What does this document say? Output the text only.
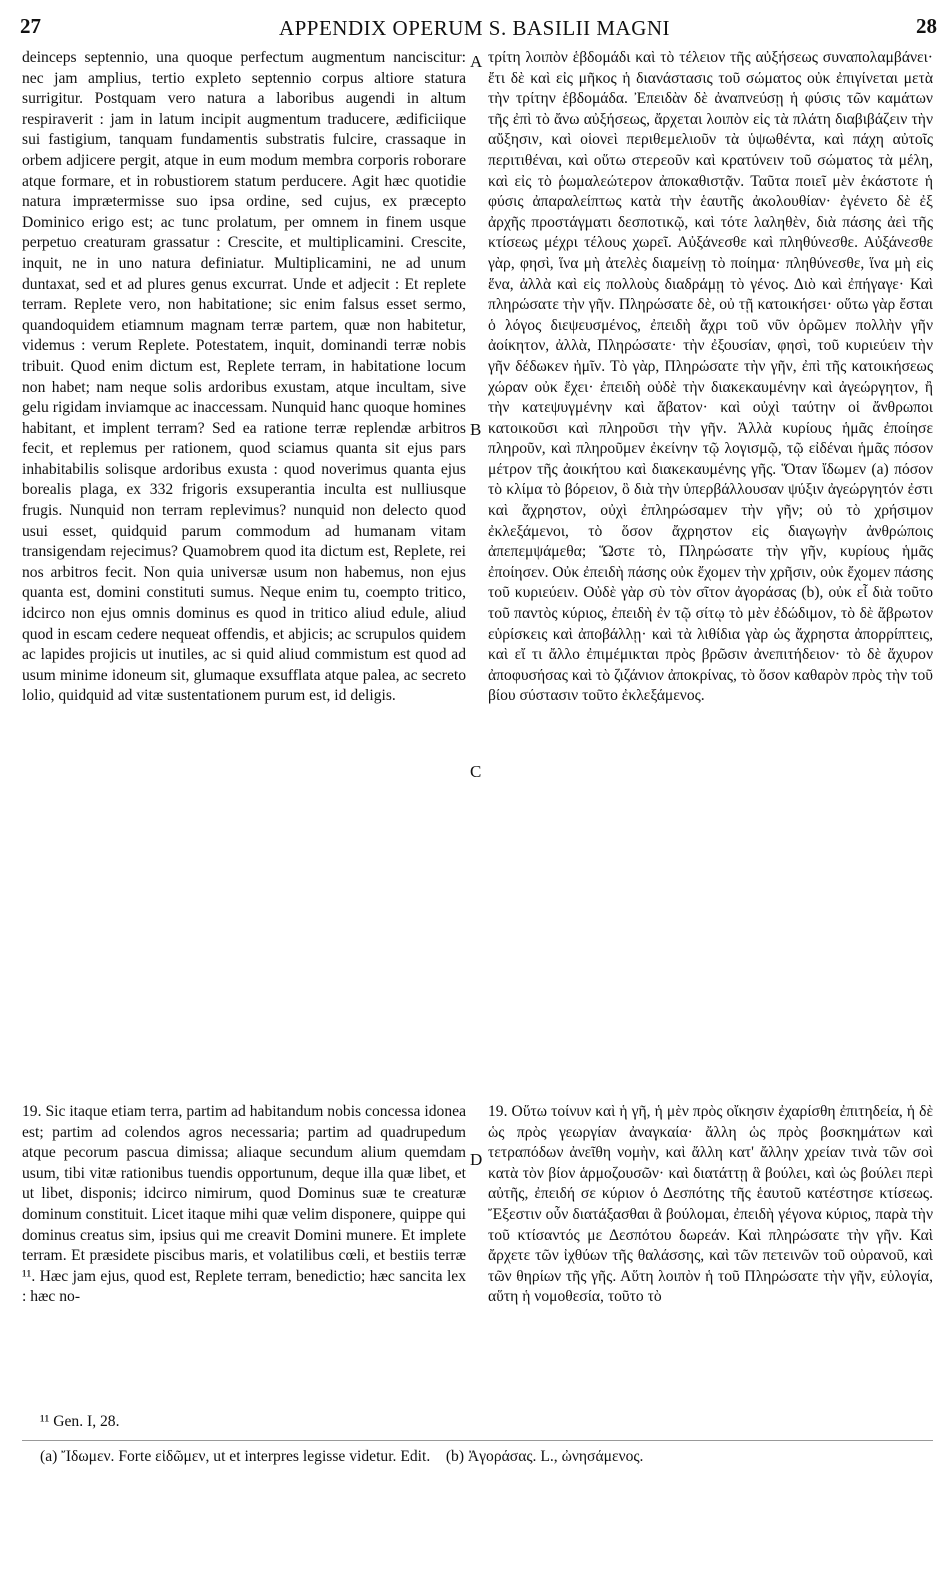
27	APPENDIX OPERUM S. BASILII MAGNI	28

deinceps septennio, una quoque perfectum augmentum nanciscitur: nec jam amplius, tertio expleto septennio corpus altiore statura surrigitur. Postquam vero natura a laboribus augendi in altum respiraverit : jam in latum incipit augmentum traducere, ædificiique sui fastigium, tanquam fundamentis substratis fulcire, crassaque in orbem adjicere pergit, atque in eum modum membra corporis roborare atque formare, et in robustiorem statum perducere. Agit hæc quotidie natura imprætermisse suo ipsa ordine, sed cujus, ex præcepto Dominico erigo est; ac tunc prolatum, per omnem in finem usque perpetuo creaturam grassatur : Crescite, et multiplicamini. Crescite, inquit, ne in uno natura definiatur. Multiplicamini, ne ad unum duntaxat, sed et ad plures genus excurrat. Unde et adjecit : Et replete terram. Replete vero, non habitatione; sic enim falsus esset sermo, quandoquidem etiamnum magnam terræ partem, quæ non habitetur, videmus : verum Replete. Potestatem, inquit, dominandi terræ nobis tribuit. Quod enim dictum est, Replete terram, in habitatione locum non habet; nam neque solis ardoribus exustam, atque incultam, sive gelu rigidam inviamque ac inaccessam. Nunquid hanc quoque homines habitant, et implent terram? Sed ea ratione terræ replendæ arbitros fecit, et replemus per rationem, quod sciamus quanta sit ejus pars inhabitabilis solisque ardoribus exusta : quod noverimus quanta ejus borealis plaga, ex 332 frigoris exsuperantia inculta est nulliusque frugis. Nunquid non terram replevimus? nunquid non delecto quod usui esset, quidquid parum commodum ad humanam vitam transigendam rejecimus? Quamobrem quod ita dictum est, Replete, rei nos arbitros fecit. Non quia universæ usum non habemus, non ejus quanta est, domini constituti sumus. Neque enim tu, coempto tritico, idcirco non ejus omnis dominus es quod in tritico aliud edule, aliud quod in escam cedere nequeat offendis, et abjicis; ac scrupulos quidem ac lapides projicis ut inutiles, ac si quid aliud commistum est quod ad usum minime idoneum sit, glumaque exsufflata atque palea, ac secreto lolio, quidquid ad vitæ sustentationem purum est, id deligis.

τρίτη λοιπὸν ἑβδομάδι καὶ τὸ τέλειον τῆς αὐξήσεως συναπολαμβάνει· ἔτι δὲ καὶ εἰς μῆκος ἡ διανάστασις τοῦ σώματος οὐκ ἐπιγίνεται μετὰ τὴν τρίτην ἑβδομάδα. Ἐπειδὰν δὲ ἀναπνεύσῃ ἡ φύσις τῶν καμάτων τῆς ἐπὶ τὸ ἄνω αὐξήσεως, ἄρχεται λοιπὸν εἰς τὰ πλάτη διαβιβάζειν τὴν αὔξησιν, καὶ οἱονεὶ περιθεμελιοῦν τὰ ὑψωθέντα, καὶ πάχη αὐτοῖς περιτιθέναι, καὶ οὕτω στερεοῦν καὶ κρατύνειν τοῦ σώματος τὰ μέλη, καὶ εἰς τὸ ῥωμαλεώτερον ἀποκαθιστᾷν. Ταῦτα ποιεῖ μὲν ἑκάστοτε ἡ φύσις ἀπαραλείπτως κατὰ τὴν ἑαυτῆς ἀκολουθίαν· ἐγένετο δὲ ἐξ ἀρχῆς προστάγματι δεσποτικῷ, καὶ τότε λαληθὲν, διὰ πάσης ἀεὶ τῆς κτίσεως μέχρι τέλους χωρεῖ. Αὐξάνεσθε καὶ πληθύνεσθε. Αὐξάνεσθε γὰρ, φησὶ, ἵνα μὴ ἀτελὲς διαμείνῃ τὸ ποίημα· πληθύνεσθε, ἵνα μὴ εἰς ἕνα, ἀλλὰ καὶ εἰς πολλοὺς διαδράμῃ τὸ γένος. Διὸ καὶ ἐπήγαγε· Καὶ πληρώσατε τὴν γῆν. Πληρώσατε δὲ, οὐ τῇ κατοικήσει· οὕτω γὰρ ἔσται ὁ λόγος διεψευσμένος, ἐπειδὴ ἄχρι τοῦ νῦν ὁρῶμεν πολλὴν γῆν ἀοίκητον, ἀλλὰ, Πληρώσατε· τὴν ἐξουσίαν, φησὶ, τοῦ κυριεύειν τὴν γῆν δέδωκεν ἡμῖν. Τὸ γὰρ, Πληρώσατε τὴν γῆν, ἐπὶ τῆς κατοικήσεως χώραν οὐκ ἔχει· ἐπειδὴ οὐδὲ τὴν διακεκαυμένην καὶ ἀγεώργητον, ἢ τὴν κατεψυγμένην καὶ ἄβατον· καὶ οὐχὶ ταύτην οἱ ἄνθρωποι κατοικοῦσι καὶ πληροῦσι τὴν γῆν. Ἀλλὰ κυρίους ἡμᾶς ἐποίησε πληροῦν, καὶ πληροῦμεν ἐκείνην τῷ λογισμῷ, τῷ εἰδέναι ἡμᾶς πόσον μέτρον τῆς ἀοικήτου καὶ διακεκαυμένης γῆς. Ὅταν ἴδωμεν (a) πόσον τὸ κλίμα τὸ βόρειον, ὃ διὰ τὴν ὑπερβάλλουσαν ψύξιν ἀγεώργητόν ἐστι καὶ ἄχρηστον, οὐχὶ ἐπληρώσαμεν τὴν γῆν; οὐ τὸ χρήσιμον ἐκλεξάμενοι, τὸ ὅσον ἄχρηστον εἰς διαγωγὴν ἀνθρώποις ἀπεπεμψάμεθα; Ὥστε τὸ, Πληρώσατε τὴν γῆν, κυρίους ἡμᾶς ἐποίησεν. Οὐκ ἐπειδὴ πάσης οὐκ ἔχομεν τὴν χρῆσιν, οὐκ ἔχομεν πάσης τοῦ κυριεύειν. Οὐδὲ γὰρ σὺ τὸν σῖτον ἀγοράσας (b), οὐκ εἶ διὰ τοῦτο τοῦ παντὸς κύριος, ἐπειδὴ ἐν τῷ σίτῳ τὸ μὲν ἐδώδιμον, τὸ δὲ ἄβρωτον εὑρίσκεις καὶ ἀποβάλλῃ· καὶ τὰ λιθίδια γὰρ ὡς ἄχρηστα ἀπορρίπτεις, καὶ εἴ τι ἄλλο ἐπιμέμικται πρὸς βρῶσιν ἀνεπιτήδειον· τὸ δὲ ἄχυρον ἀποφυσήσας καὶ τὸ ζιζάνιον ἀποκρίνας, τὸ ὅσον καθαρὸν πρὸς τὴν τοῦ βίου σύστασιν τοῦτο ἐκλεξάμενος.

A
B
C
D

19. Sic itaque etiam terra, partim ad habitandum nobis concessa idonea est; partim ad colendos agros necessaria; partim ad quadrupedum atque pecorum pascua dimissa; aliaque secundum alium quemdam usum, tibi vitæ rationibus tuendis opportunum, deque illa quæ libet, et ut libet, disponis; idcirco nimirum, quod Dominus suæ te creaturæ dominum constituit. Licet itaque mihi quæ velim disponere, quippe qui dominus creatus sim, ipsius qui me creavit Domini munere. Et implete terram. Et præsidete piscibus maris, et volatilibus cœli, et bestiis terræ ¹¹. Hæc jam ejus, quod est, Replete terram, benedictio; hæc sancita lex : hæc no-

19. Οὕτω τοίνυν καὶ ἡ γῆ, ἡ μὲν πρὸς οἴκησιν ἐχαρίσθη ἐπιτηδεία, ἡ δὲ ὡς πρὸς γεωργίαν ἀναγκαία· ἄλλη ὡς πρὸς βοσκημάτων καὶ τετραπόδων ἀνεῖθη νομὴν, καὶ ἄλλη κατ' ἄλλην χρείαν τινὰ τῶν σοὶ κατὰ τὸν βίον ἁρμοζουσῶν· καὶ διατάττῃ ἃ βούλει, καὶ ὡς βούλει περὶ αὐτῆς, ἐπειδή σε κύριον ὁ Δεσπότης τῆς ἑαυτοῦ κατέστησε κτίσεως. Ἔξεστιν οὖν διατάξασθαι ἃ βούλομαι, ἐπειδὴ γέγονα κύριος, παρὰ τὴν τοῦ κτίσαντός με Δεσπότου δωρεάν. Καὶ πληρώσατε τὴν γῆν. Καὶ ἄρχετε τῶν ἰχθύων τῆς θαλάσσης, καὶ τῶν πετεινῶν τοῦ οὐρανοῦ, καὶ τῶν θηρίων τῆς γῆς. Αὕτη λοιπὸν ἡ τοῦ Πληρώσατε τὴν γῆν, εὐλογία, αὕτη ἡ νομοθεσία, τοῦτο τὸ

¹¹ Gen. I, 28.
(a) Ἴδωμεν. Forte εἰδῶμεν, ut et interpres legisse videtur. Edit. (b) Ἀγοράσας. L., ὠνησάμενος.
